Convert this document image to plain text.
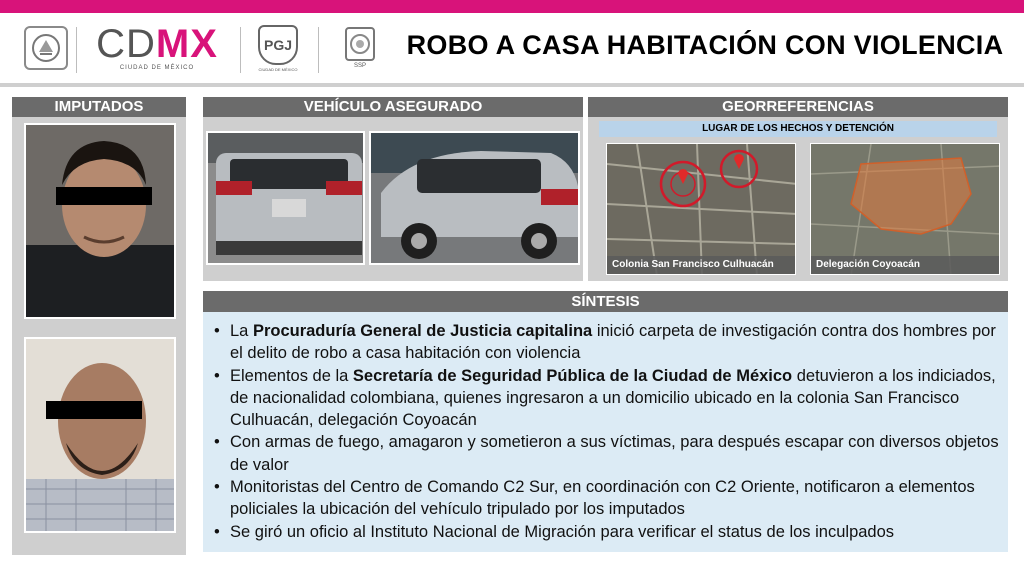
CDMX
CIUDAD DE MÉXICO
PGJ
CIUDAD DE MÉXICO	SSP
ROBO A CASA HABITACIÓN CON VIOLENCIA
IMPUTADOS	VEHÍCULO ASEGURADO	GEORREFERENCIAS
LUGAR DE LOS HECHOS Y DETENCIÓN
Colonia San Francisco Culhuacán	Delegación Coyoacán
SÍNTESIS
• La Procuraduría General de Justicia capitalina inició carpeta de investigación contra dos hombres por el delito de robo a casa habitación con violencia
• Elementos de la Secretaría de Seguridad Pública de la Ciudad de México detuvieron a los indiciados, de nacionalidad colombiana, quienes ingresaron a un domicilio ubicado en la colonia San Francisco Culhuacán, delegación Coyoacán
• Con armas de fuego, amagaron y sometieron a sus víctimas, para después escapar con diversos objetos de valor
• Monitoristas del Centro de Comando C2 Sur, en coordinación con C2 Oriente, notificaron a elementos policiales la ubicación del vehículo tripulado por los imputados
• Se giró un oficio al Instituto Nacional de Migración para verificar el status de los inculpados
